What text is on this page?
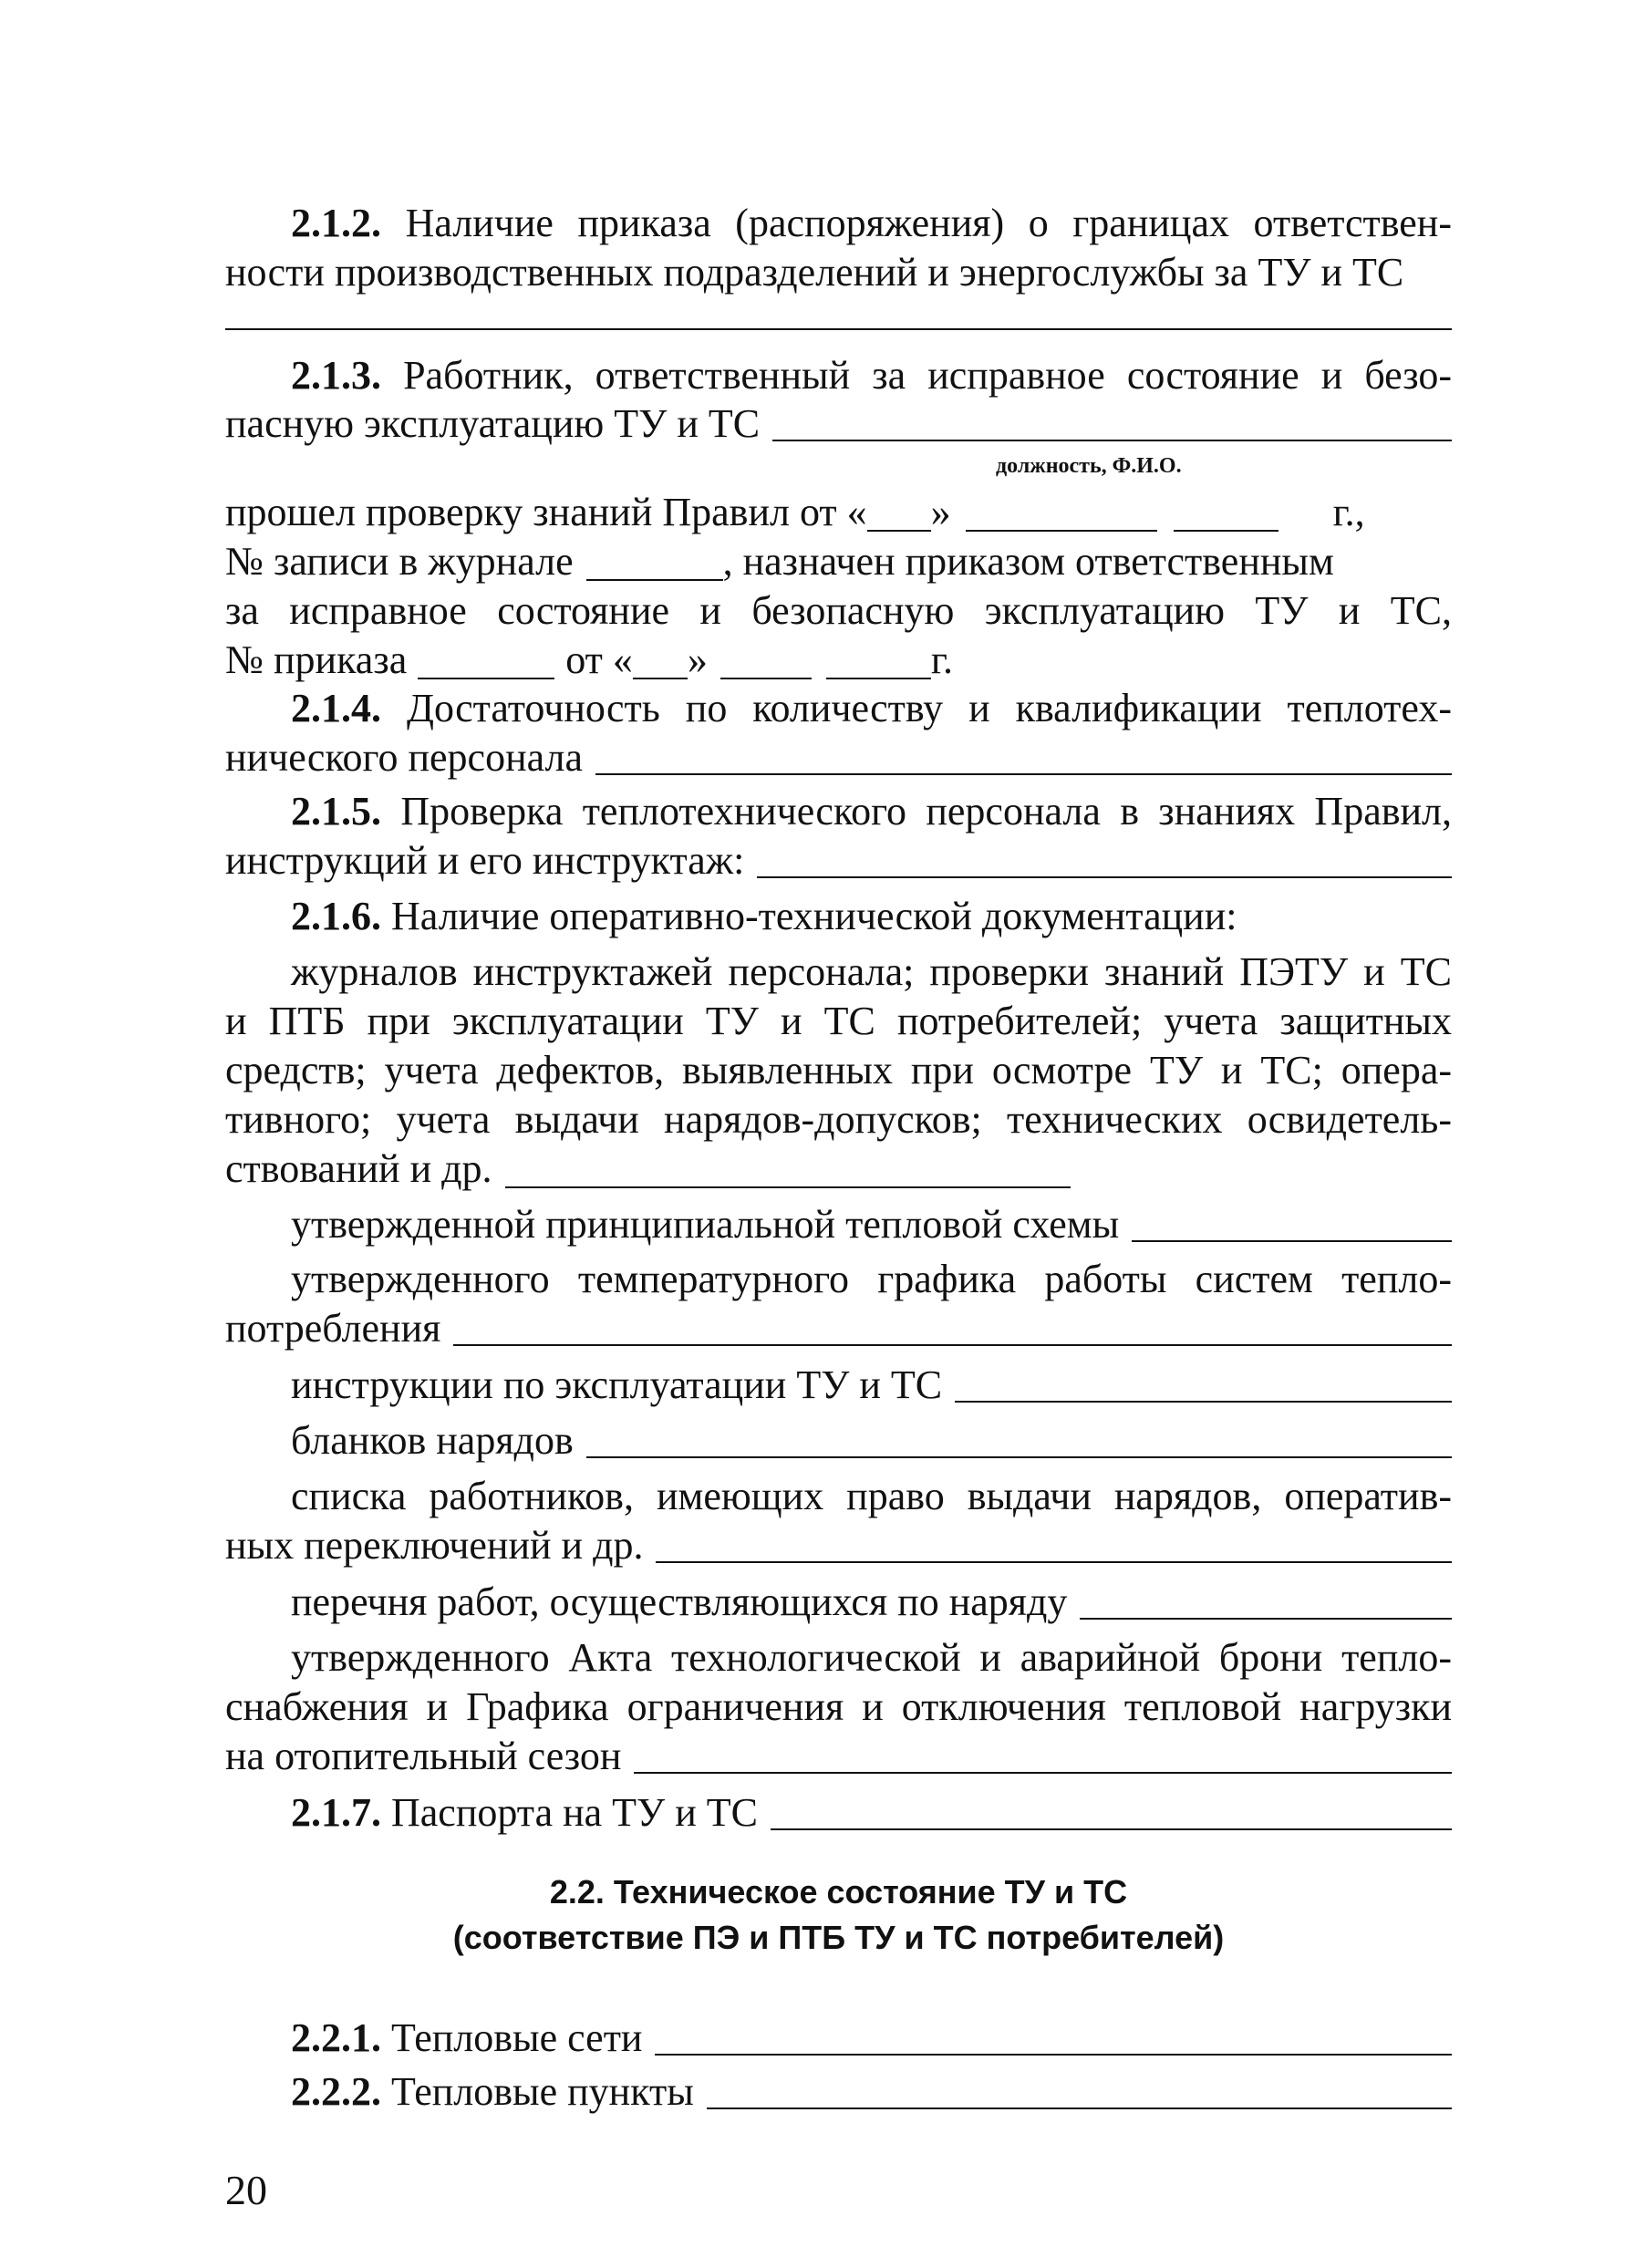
2.1.2. Наличие приказа (распоряжения) о границах ответствен-
ности производственных подразделений и энергослужбы за ТУ и ТС
2.1.3. Работник, ответственный за исправное состояние и безо-
пасную эксплуатацию ТУ и ТС
должность, Ф.И.О.
прошел проверку знаний Правил от « »	г.,
№ записи в журнале	, назначен приказом ответственным
за исправное состояние и безопасную эксплуатацию ТУ и ТС,
№ приказа	от « »	г.
2.1.4. Достаточность по количеству и квалификации теплотех-
нического персонала
2.1.5. Проверка теплотехнического персонала в знаниях Правил,
инструкций и его инструктаж:
2.1.6.
Наличие оперативно-технической документации:
журналов инструктажей персонала; проверки знаний ПЭТУ и ТС
и ПТБ при эксплуатации ТУ и ТС потребителей; учета защитных
средств; учета дефектов, выявленных при осмотре ТУ и ТС; опера-
тивного; учета выдачи нарядов-допусков; технических освидетель-
ствований и др.
утвержденной принципиальной тепловой схемы
утвержденного температурного графика работы систем тепло-
потребления
инструкции по эксплуатации ТУ и ТС
бланков нарядов
списка работников, имеющих право выдачи нарядов, оператив-
ных переключений и др.
перечня работ, осуществляющихся по наряду
утвержденного Акта технологической и аварийной брони тепло-
снабжения и Графика ограничения и отключения тепловой нагрузки
на отопительный сезон
2.1.7.
Паспорта на ТУ и ТС
2.2. Техническое состояние ТУ и ТС
(соответствие ПЭ и ПТБ ТУ и ТС потребителей)
2.2.1.
Тепловые сети
2.2.2.
Тепловые пункты
20
